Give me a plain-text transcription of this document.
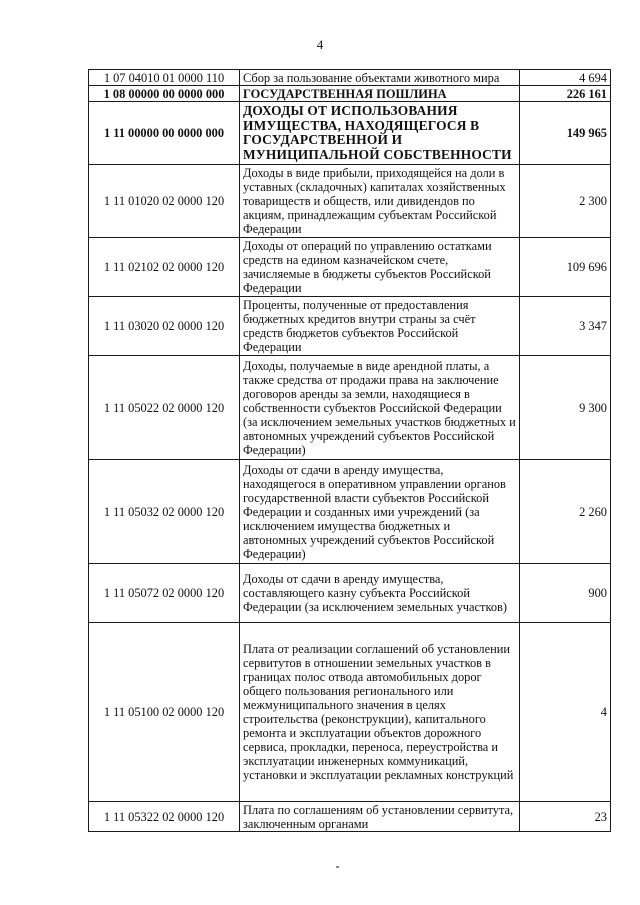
4
1 07 04010 01 0000 110	Сбор за пользование объектами животного мира	4 694
1 08 00000 00 0000 000	ГОСУДАРСТВЕННАЯ ПОШЛИНА	226 161
1 11 00000 00 0000 000	ДОХОДЫ ОТ ИСПОЛЬЗОВАНИЯ ИМУЩЕСТВА, НАХОДЯЩЕГОСЯ В ГОСУДАРСТВЕННОЙ И МУНИЦИПАЛЬНОЙ СОБСТВЕННОСТИ	149 965
1 11 01020 02 0000 120	Доходы в виде прибыли, приходящейся на доли в уставных (складочных) капиталах хозяйственных товариществ и обществ, или дивидендов по акциям, принадлежащим субъектам Российской Федерации	2 300
1 11 02102 02 0000 120	Доходы от операций по управлению остатками средств на едином казначейском счете, зачисляемые в бюджеты субъектов Российской Федерации	109 696
1 11 03020 02 0000 120	Проценты, полученные от предоставления бюджетных кредитов внутри страны за счёт средств бюджетов субъектов Российской Федерации	3 347
1 11 05022 02 0000 120	Доходы, получаемые в виде арендной платы, а также средства от продажи права на заключение договоров аренды за земли, находящиеся в собственности субъектов Российской Федерации (за исключением земельных участков бюджетных и автономных учреждений субъектов Российской Федерации)	9 300
1 11 05032 02 0000 120	Доходы от сдачи в аренду имущества, находящегося в оперативном управлении органов государственной власти субъектов Российской Федерации и созданных ими учреждений (за исключением имущества бюджетных и автономных учреждений субъектов Российской Федерации)	2 260
1 11 05072 02 0000 120	Доходы от сдачи в аренду имущества, составляющего казну субъекта Российской Федерации (за исключением земельных участков)	900
1 11 05100 02 0000 120	Плата от реализации соглашений об установлении сервитутов в отношении земельных участков в границах полос отвода автомобильных дорог общего пользования регионального или межмуниципального значения в целях строительства (реконструкции), капитального ремонта и эксплуатации объектов дорожного сервиса, прокладки, переноса, переустройства и эксплуатации инженерных коммуникаций, установки и эксплуатации рекламных конструкций	4
1 11 05322 02 0000 120	Плата по соглашениям об установлении сервитута, заключенным органами	23
